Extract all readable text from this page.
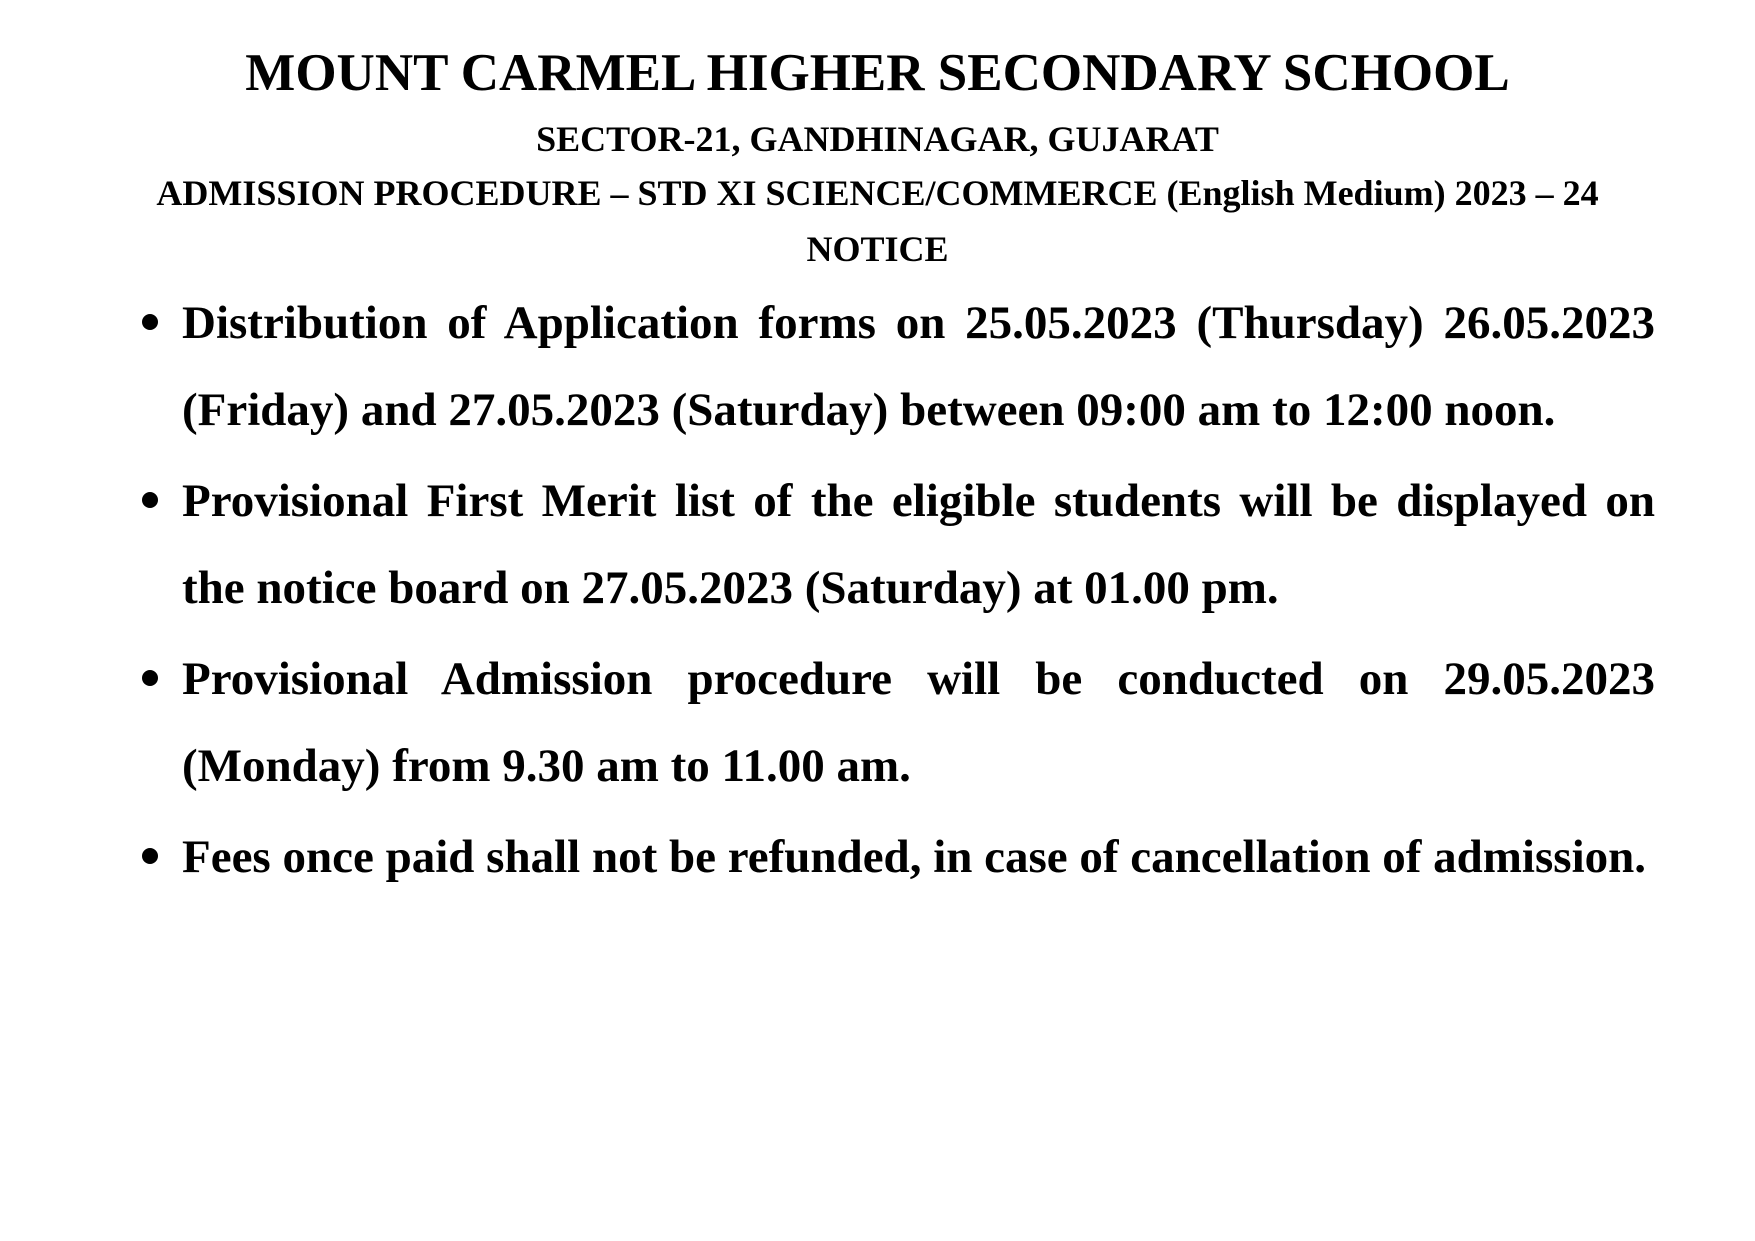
MOUNT CARMEL HIGHER SECONDARY SCHOOL
SECTOR-21, GANDHINAGAR, GUJARAT
ADMISSION PROCEDURE – STD XI SCIENCE/COMMERCE (English Medium) 2023 – 24
NOTICE
Distribution of Application forms on 25.05.2023 (Thursday) 26.05.2023 (Friday) and 27.05.2023 (Saturday) between 09:00 am to 12:00 noon.
Provisional First Merit list of the eligible students will be displayed on the notice board on 27.05.2023 (Saturday) at 01.00 pm.
Provisional Admission procedure will be conducted on 29.05.2023 (Monday) from 9.30 am to 11.00 am.
Fees once paid shall not be refunded, in case of cancellation of admission.
